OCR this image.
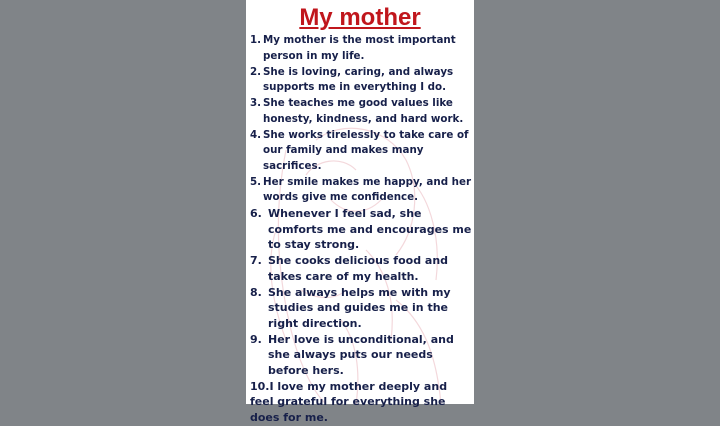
My mother
1. My mother is the most important person in my life.
2. She is loving, caring, and always supports me in everything I do.
3. She teaches me good values like honesty, kindness, and hard work.
4. She works tirelessly to take care of our family and makes many sacrifices.
5. Her smile makes me happy, and her words give me confidence.
6. Whenever I feel sad, she comforts me and encourages me to stay strong.
7. She cooks delicious food and takes care of my health.
8. She always helps me with my studies and guides me in the right direction.
9. Her love is unconditional, and she always puts our needs before hers.
10.I love my mother deeply and feel grateful for everything she does for me.
